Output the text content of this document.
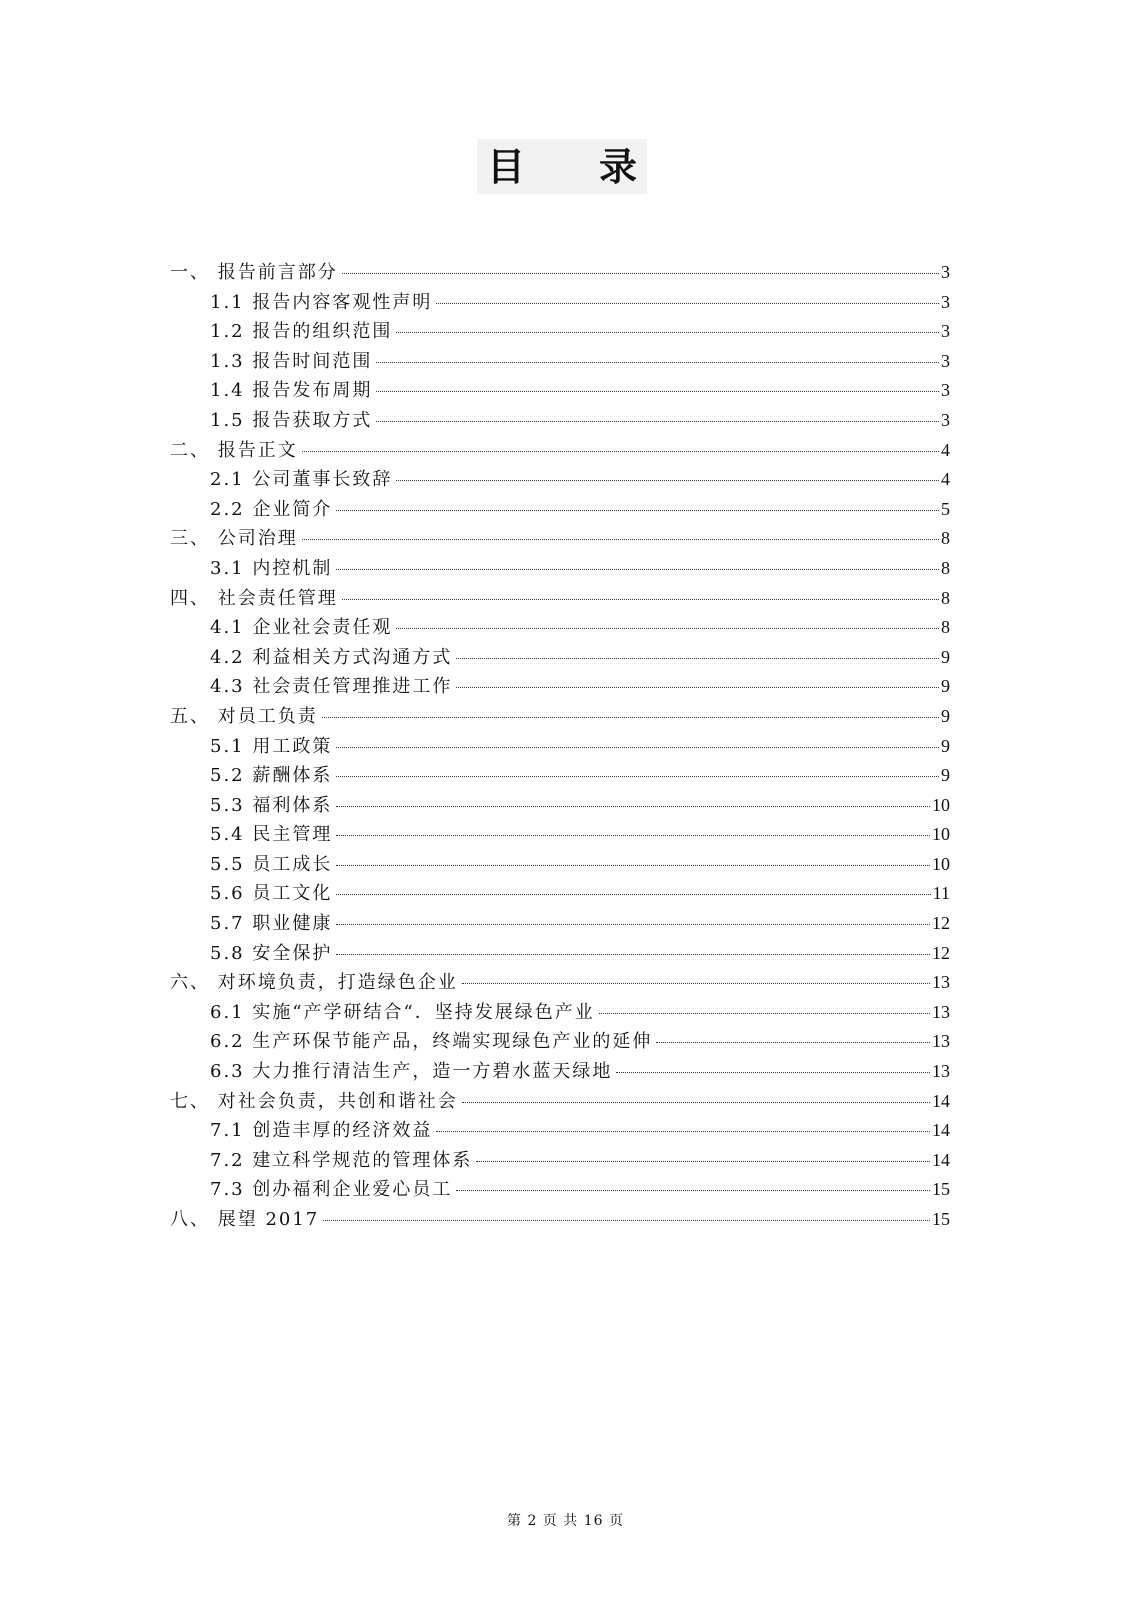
目 录
一、 报告前言部分	3
1.1 报告内容客观性声明	3
1.2 报告的组织范围	3
1.3 报告时间范围	3
1.4 报告发布周期	3
1.5 报告获取方式	3
二、 报告正文	4
2.1 公司董事长致辞	4
2.2 企业简介	5
三、 公司治理	8
3.1 内控机制	8
四、 社会责任管理	8
4.1 企业社会责任观	8
4.2 利益相关方式沟通方式	9
4.3 社会责任管理推进工作	9
五、 对员工负责	9
5.1 用工政策	9
5.2 薪酬体系	9
5.3 福利体系	10
5.4 民主管理	10
5.5 员工成长	10
5.6 员工文化	11
5.7 职业健康	12
5.8 安全保护	12
六、 对环境负责，打造绿色企业	13
6.1 实施“产学研结合“．坚持发展绿色产业	13
6.2 生产环保节能产品，终端实现绿色产业的延伸	13
6.3 大力推行清洁生产，造一方碧水蓝天绿地	13
七、 对社会负责，共创和谐社会	14
7.1 创造丰厚的经济效益	14
7.2 建立科学规范的管理体系	14
7.3 创办福利企业爱心员工	15
八、 展望 2017	15
第 2 页 共 16 页
